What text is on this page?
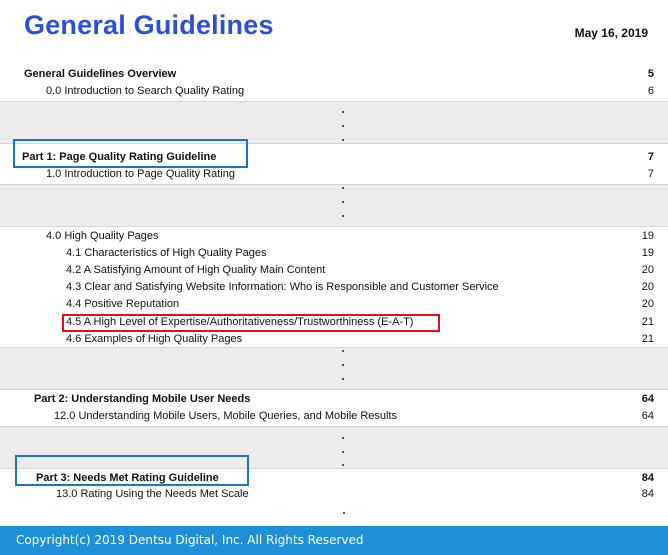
General Guidelines	May 16, 2019
General Guidelines Overview	5
0.0 Introduction to Search Quality Rating	6
Part 1: Page Quality Rating Guideline	7
1.0 Introduction to Page Quality Rating	7
4.0 High Quality Pages	19
4.1 Characteristics of High Quality Pages	19
4.2 A Satisfying Amount of High Quality Main Content	20
4.3 Clear and Satisfying Website Information: Who is Responsible and Customer Service	20
4.4 Positive Reputation	20
4.5 A High Level of Expertise/Authoritativeness/Trustworthiness (E-A-T)	21
4.6 Examples of High Quality Pages	21
Part 2: Understanding Mobile User Needs	64
12.0 Understanding Mobile Users, Mobile Queries, and Mobile Results	64
Part 3: Needs Met Rating Guideline	84
13.0 Rating Using the Needs Met Scale	84
Copyright(c) 2019 Dentsu Digital, Inc. All Rights Reserved
